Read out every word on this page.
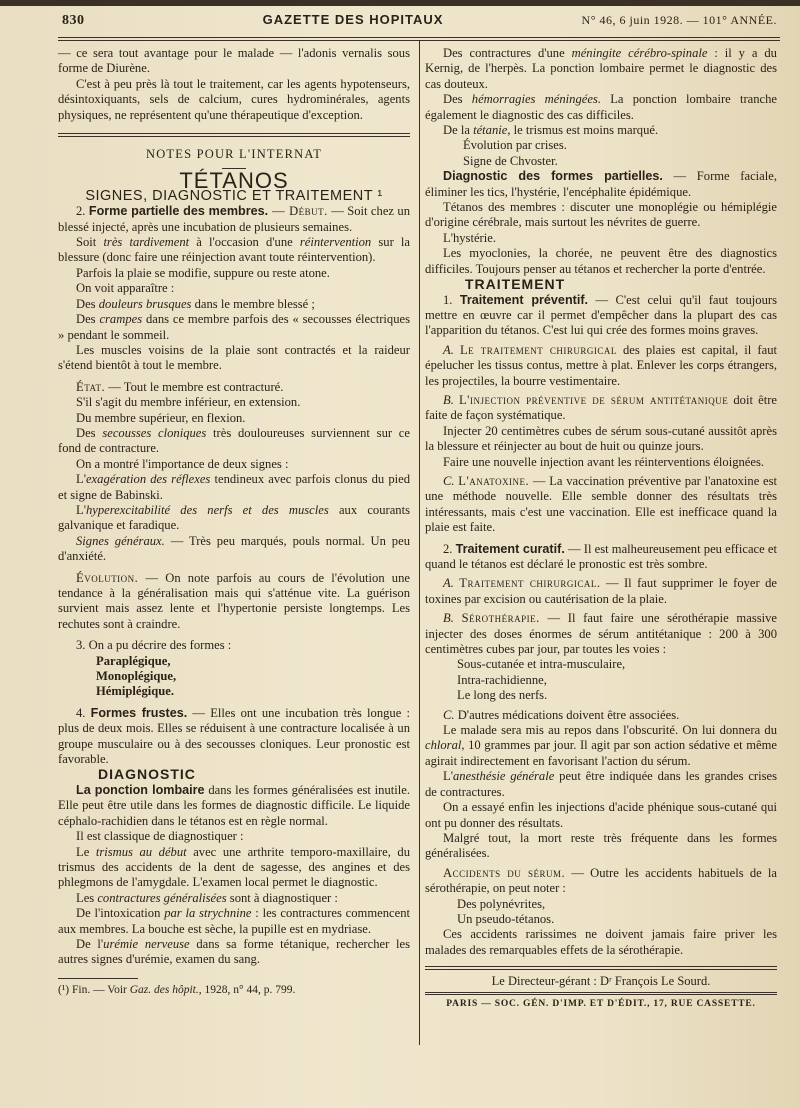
830	GAZETTE DES HOPITAUX	N° 46, 6 juin 1928. — 101° ANNÉE.

— ce sera tout avantage pour le malade — l'adonis vernalis sous forme de Diurène.

C'est à peu près là tout le traitement, car les agents hypotenseurs, désintoxiquants, sels de calcium, cures hydrominérales, agents physiques, ne représentent qu'une thérapeutique d'exception.

NOTES POUR L'INTERNAT

TÉTANOS

SIGNES, DIAGNOSTIC ET TRAITEMENT ¹

2. Forme partielle des membres. — Début. — Soit chez un blessé injecté, après une incubation de plusieurs semaines.

Soit très tardivement à l'occasion d'une réintervention sur la blessure (donc faire une réinjection avant toute réintervention).

Parfois la plaie se modifie, suppure ou reste atone.

On voit apparaître :

Des douleurs brusques dans le membre blessé ;

Des crampes dans ce membre parfois des « secousses électriques » pendant le sommeil.

Les muscles voisins de la plaie sont contractés et la raideur s'étend bientôt à tout le membre.

État. — Tout le membre est contracturé.

S'il s'agit du membre inférieur, en extension.

Du membre supérieur, en flexion.

Des secousses cloniques très douloureuses surviennent sur ce fond de contracture.

On a montré l'importance de deux signes :

L'exagération des réflexes tendineux avec parfois clonus du pied et signe de Babinski.

L'hyperexcitabilité des nerfs et des muscles aux courants galvanique et faradique.

Signes généraux. — Très peu marqués, pouls normal. Un peu d'anxiété.

Évolution. — On note parfois au cours de l'évolution une tendance à la généralisation mais qui s'atténue vite. La guérison survient mais assez lente et l'hypertonie persiste longtemps. Les rechutes sont à craindre.

3. On a pu décrire des formes :

Paraplégique,

Monoplégique,

Hémiplégique.

4. Formes frustes. — Elles ont une incubation très longue : plus de deux mois. Elles se réduisent à une contracture localisée à un groupe musculaire ou à des secousses cloniques. Leur pronostic est favorable.

DIAGNOSTIC

La ponction lombaire dans les formes généralisées est inutile. Elle peut être utile dans les formes de diagnostic difficile. Le liquide céphalo-rachidien dans le tétanos est en règle normal.

Il est classique de diagnostiquer :

Le trismus au début avec une arthrite temporo-maxillaire, du trismus des accidents de la dent de sagesse, des angines et des phlegmons de l'amygdale. L'examen local permet le diagnostic.

Les contractures généralisées sont à diagnostiquer :

De l'intoxication par la strychnine : les contractures commencent aux membres. La bouche est sèche, la pupille est en mydriase.

De l'urémie nerveuse dans sa forme tétanique, rechercher les autres signes d'urémie, examen du sang.

(¹) Fin. — Voir Gaz. des hôpit., 1928, n° 44, p. 799.

Des contractures d'une méningite cérébro-spinale : il y a du Kernig, de l'herpès. La ponction lombaire permet le diagnostic des cas douteux.

Des hémorragies méningées. La ponction lombaire tranche également le diagnostic des cas difficiles.

De la tétanie, le trismus est moins marqué.

Évolution par crises.

Signe de Chvoster.

Diagnostic des formes partielles. — Forme faciale, éliminer les tics, l'hystérie, l'encéphalite épidémique.

Tétanos des membres : discuter une monoplégie ou hémiplégie d'origine cérébrale, mais surtout les névrites de guerre.

L'hystérie.

Les myoclonies, la chorée, ne peuvent être des diagnostics difficiles. Toujours penser au tétanos et rechercher la porte d'entrée.

TRAITEMENT

1. Traitement préventif. — C'est celui qu'il faut toujours mettre en œuvre car il permet d'empêcher dans la plupart des cas l'apparition du tétanos. C'est lui qui crée des formes moins graves.

A. Le traitement chirurgical des plaies est capital, il faut épelucher les tissus contus, mettre à plat. Enlever les corps étrangers, les projectiles, la bourre vestimentaire.

B. L'injection préventive de sérum antitétanique doit être faite de façon systématique.

Injecter 20 centimètres cubes de sérum sous-cutané aussitôt après la blessure et réinjecter au bout de huit ou quinze jours.

Faire une nouvelle injection avant les réinterventions éloignées.

C. L'anatoxine. — La vaccination préventive par l'anatoxine est une méthode nouvelle. Elle semble donner des résultats très intéressants, mais c'est une vaccination. Elle est inefficace quand la plaie est faite.

2. Traitement curatif. — Il est malheureusement peu efficace et quand le tétanos est déclaré le pronostic est très sombre.

A. Traitement chirurgical. — Il faut supprimer le foyer de toxines par excision ou cautérisation de la plaie.

B. Sérothérapie. — Il faut faire une sérothérapie massive injecter des doses énormes de sérum antitétanique : 200 à 300 centimètres cubes par jour, par toutes les voies :

Sous-cutanée et intra-musculaire,

Intra-rachidienne,

Le long des nerfs.

C. D'autres médications doivent être associées.

Le malade sera mis au repos dans l'obscurité. On lui donnera du chloral, 10 grammes par jour. Il agit par son action sédative et même agirait indirectement en favorisant l'action du sérum.

L'anesthésie générale peut être indiquée dans les grandes crises de contractures.

On a essayé enfin les injections d'acide phénique sous-cutané qui ont pu donner des résultats.

Malgré tout, la mort reste très fréquente dans les formes généralisées.

Accidents du sérum. — Outre les accidents habituels de la sérothérapie, on peut noter :

Des polynévrites,

Un pseudo-tétanos.

Ces accidents rarissimes ne doivent jamais faire priver les malades des remarquables effets de la sérothérapie.

Le Directeur-gérant : Dʳ François Le Sourd.

PARIS — SOC. GÉN. D'IMP. ET D'ÉDIT., 17, RUE CASSETTE.
